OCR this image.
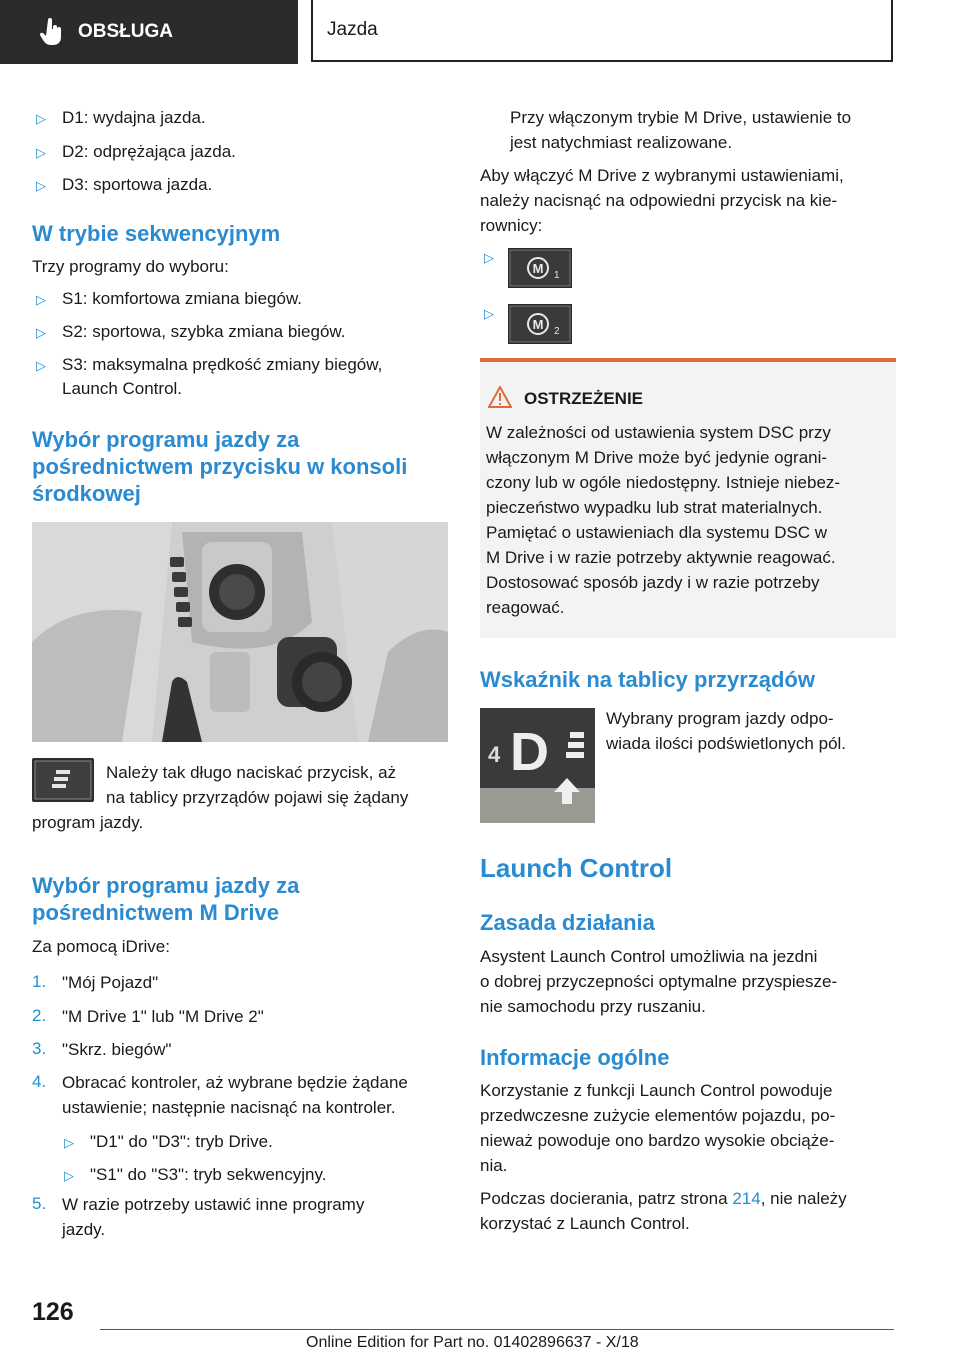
OBSŁUGA	Jazda
▷ D1: wydajna jazda.
▷ D2: odprężająca jazda.
▷ D3: sportowa jazda.
W trybie sekwencyjnym
Trzy programy do wyboru:
▷ S1: komfortowa zmiana biegów.
▷ S2: sportowa, szybka zmiana biegów.
▷ S3: maksymalna prędkość zmiany biegów,
Launch Control.
Wybór programu jazdy za
pośrednictwem przycisku w konsoli
środkowej
Należy tak długo naciskać przycisk, aż
na tablicy przyrządów pojawi się żądany
program jazdy.
Wybór programu jazdy za
pośrednictwem M Drive
Za pomocą iDrive:
1. "Mój Pojazd"
2. "M Drive 1" lub "M Drive 2"
3. "Skrz. biegów"
4. Obracać kontroler, aż wybrane będzie żądane
ustawienie; następnie nacisnąć na kontroler.
▷ "D1" do "D3": tryb Drive.
▷ "S1" do "S3": tryb sekwencyjny.
5. W razie potrzeby ustawić inne programy
jazdy.
Przy włączonym trybie M Drive, ustawienie to
jest natychmiast realizowane.
Aby włączyć M Drive z wybranymi ustawieniami,
należy nacisnąć na odpowiedni przycisk na kie-
rownicy:
▷
M 1
▷
M 2
OSTRZEŻENIE
W zależności od ustawienia system DSC przy
włączonym M Drive może być jedynie ograni-
czony lub w ogóle niedostępny. Istnieje niebez-
pieczeństwo wypadku lub strat materialnych.
Pamiętać o ustawieniach dla systemu DSC w
M Drive i w razie potrzeby aktywnie reagować.
Dostosować sposób jazdy i w razie potrzeby
reagować.
Wskaźnik na tablicy przyrządów
4 D
Wybrany program jazdy odpo-
wiada ilości podświetlonych pól.
Launch Control
Zasada działania
Asystent Launch Control umożliwia na jezdni
o dobrej przyczepności optymalne przyspiesze-
nie samochodu przy ruszaniu.
Informacje ogólne
Korzystanie z funkcji Launch Control powoduje
przedwczesne zużycie elementów pojazdu, po-
nieważ powoduje ono bardzo wysokie obciąże-
nia.
Podczas docierania, patrz strona 214, nie należy
korzystać z Launch Control.
126
Online Edition for Part no. 01402896637 - X/18
